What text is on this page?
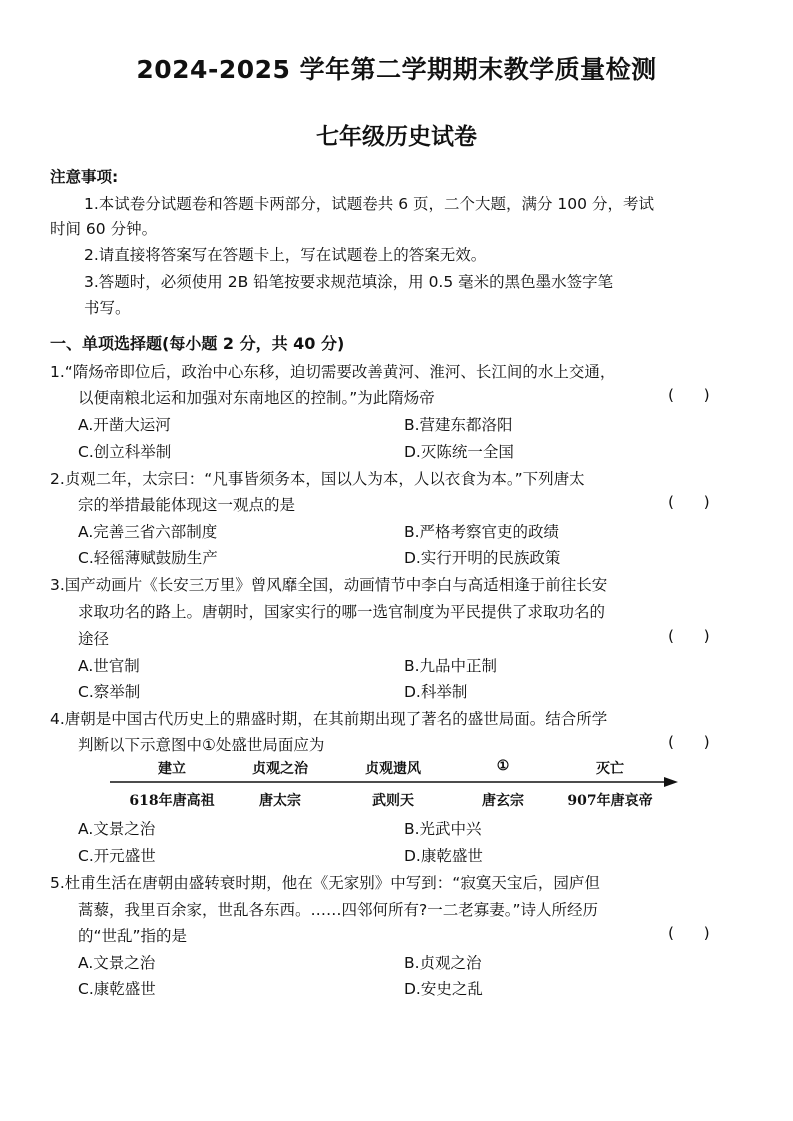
2024-2025 学年第二学期期末教学质量检测
七年级历史试卷
注意事项:
1.本试卷分试题卷和答题卡两部分，试题卷共 6 页，二个大题，满分 100 分，考试
时间 60 分钟。
2.请直接将答案写在答题卡上，写在试题卷上的答案无效。
3.答题时，必须使用 2B 铅笔按要求规范填涂，用 0.5 毫米的黑色墨水签字笔
书写。
一、单项选择题(每小题 2 分，共 40 分)
1.“隋炀帝即位后，政治中心东移，迫切需要改善黄河、淮河、长江间的水上交通，
以便南粮北运和加强对东南地区的控制。”为此隋炀帝	(      )
A.开凿大运河	B.营建东都洛阳
C.创立科举制	D.灭陈统一全国
2.贞观二年，太宗曰：“凡事皆须务本，国以人为本，人以衣食为本。”下列唐太
宗的举措最能体现这一观点的是	(      )
A.完善三省六部制度	B.严格考察官吏的政绩
C.轻徭薄赋鼓励生产	D.实行开明的民族政策
3.国产动画片《长安三万里》曾风靡全国，动画情节中李白与高适相逢于前往长安
求取功名的路上。唐朝时，国家实行的哪一选官制度为平民提供了求取功名的
途径	(      )
A.世官制	B.九品中正制
C.察举制	D.科举制
4.唐朝是中国古代历史上的鼎盛时期，在其前期出现了著名的盛世局面。结合所学
判断以下示意图中①处盛世局面应为	(      )
建立	贞观之治	贞观遗风	①	灭亡
618年唐高祖	唐太宗	武则天	唐玄宗	907年唐哀帝
A.文景之治	B.光武中兴
C.开元盛世	D.康乾盛世
5.杜甫生活在唐朝由盛转衰时期，他在《无家别》中写到：“寂寞天宝后，园庐但
蒿藜，我里百余家，世乱各东西。……四邻何所有?一二老寡妻。”诗人所经历
的“世乱”指的是	(      )
A.文景之治	B.贞观之治
C.康乾盛世	D.安史之乱
